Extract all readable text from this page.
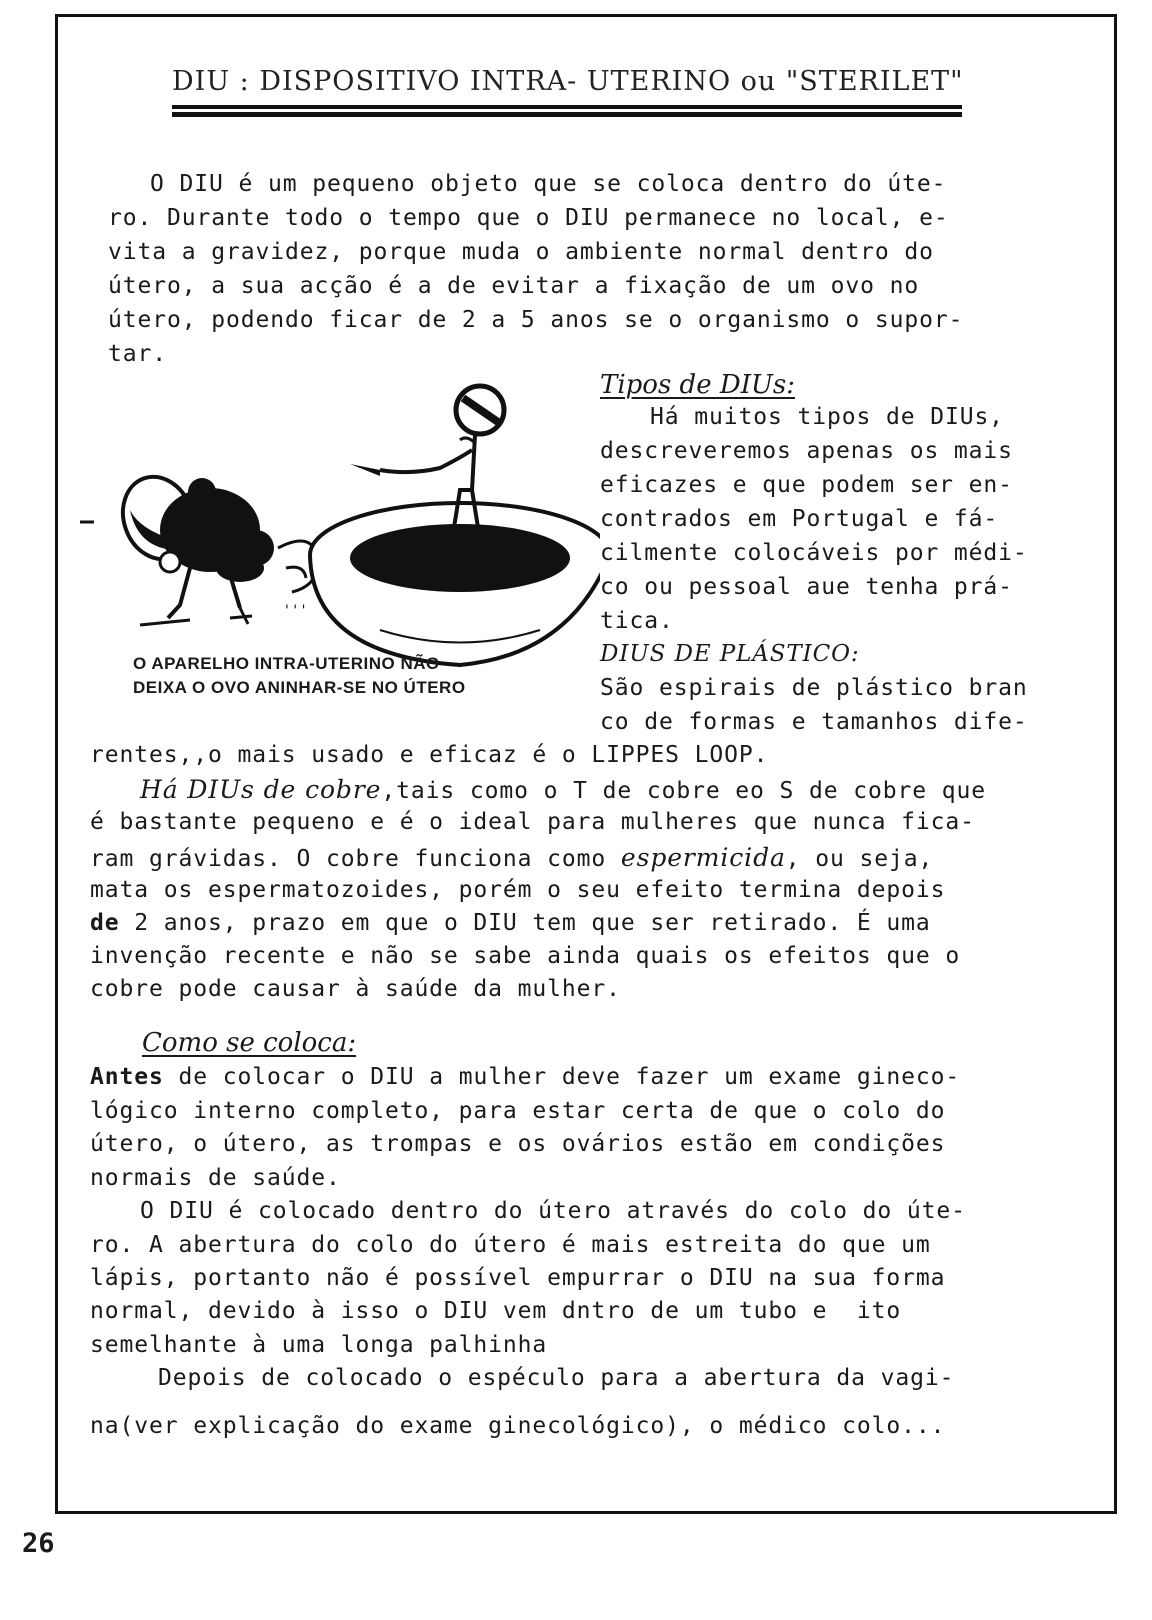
DIU : DISPOSITIVO INTRA- UTERINO ou "STERILET"
O DIU é um pequeno objeto que se coloca dentro do úte-
ro. Durante todo o tempo que o DIU permanece no local, e-
vita a gravidez, porque muda o ambiente normal dentro do
útero, a sua acção é a de evitar a fixação de um ovo no
útero, podendo ficar de 2 a 5 anos se o organismo o supor-
tar.
Tipos de DIUs:
Há muitos tipos de DIUs,
descreveremos apenas os mais
eficazes e que podem ser en-
contrados em Portugal e fá-
cilmente colocáveis por médi-
co ou pessoal aue tenha prá-
tica.
DIUS DE PLÁSTICO:
São espirais de plástico bran
co de formas e tamanhos dife-
rentes,,o mais usado e eficaz é o LIPPES LOOP.
Há DIUs de cobre,tais como o T de cobre eo S de cobre que
é bastante pequeno e é o ideal para mulheres que nunca fica-
ram grávidas. O cobre funciona como espermicida, ou seja,
mata os espermatozoides, porém o seu efeito termina depois
de 2 anos, prazo em que o DIU tem que ser retirado. É uma
invenção recente e não se sabe ainda quais os efeitos que o
cobre pode causar à saúde da mulher.
Como se coloca:
Antes de colocar o DIU a mulher deve fazer um exame gineco-
lógico interno completo, para estar certa de que o colo do
útero, o útero, as trompas e os ovários estão em condições
normais de saúde.
O DIU é colocado dentro do útero através do colo do úte-
ro. A abertura do colo do útero é mais estreita do que um
lápis, portanto não é possível empurrar o DIU na sua forma
normal, devido à isso o DIU vem dntro de um tubo e  ito
semelhante à uma longa palhinha
Depois de colocado o espéculo para a abertura da vagi-
na(ver explicação do exame ginecológico), o médico colo...
' ' '
O APARELHO INTRA-UTERINO NÃO
DEIXA O OVO ANINHAR-SE NO ÚTERO
26
